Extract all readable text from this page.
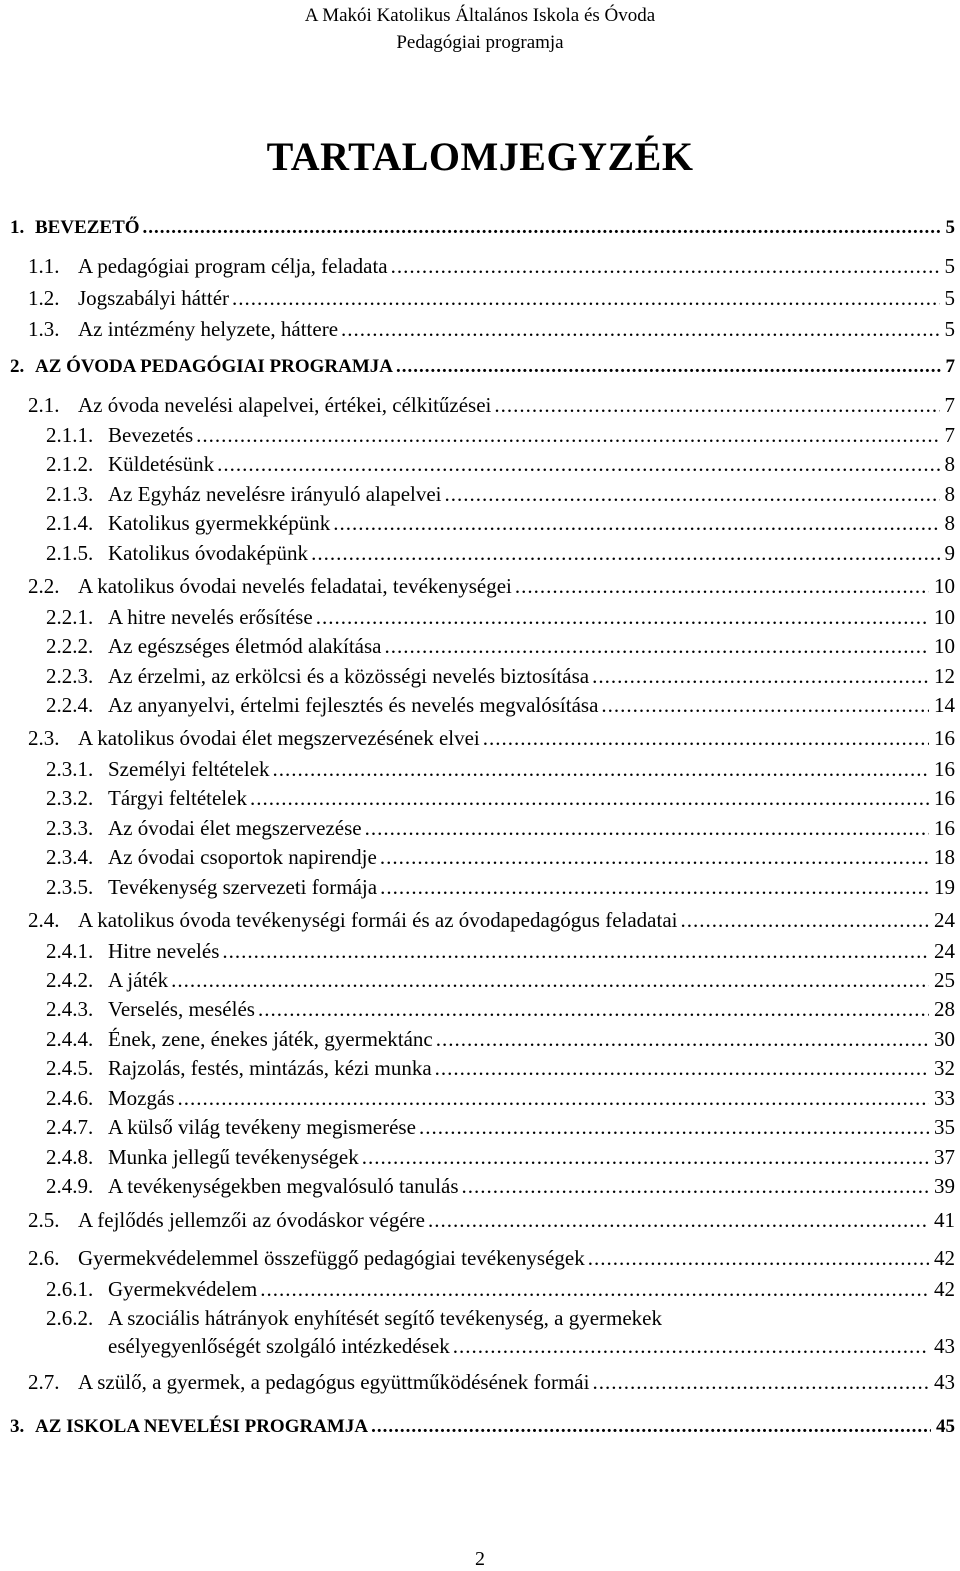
A Makói Katolikus Általános Iskola és Óvoda
Pedagógiai programja
TARTALOMJEGYZÉK
1. BEVEZETŐ .....	5
1.1. A pedagógiai program célja, feladata .....	5
1.2. Jogszabályi háttér .....	5
1.3. Az intézmény helyzete, háttere .....	5
2. AZ ÓVODA PEDAGÓGIAI PROGRAMJA .....	7
2.1. Az óvoda nevelési alapelvei, értékei, célkitűzései .....	7
2.1.1. Bevezetés .....	7
2.1.2. Küldetésünk .....	8
2.1.3. Az Egyház nevelésre irányuló alapelvei .....	8
2.1.4. Katolikus gyermekképünk .....	8
2.1.5. Katolikus óvodaképünk .....	9
2.2. A katolikus óvodai nevelés feladatai, tevékenységei .....	10
2.2.1. A hitre nevelés erősítése .....	10
2.2.2. Az egészséges életmód alakítása .....	10
2.2.3. Az érzelmi, az erkölcsi és a közösségi nevelés biztosítása .....	12
2.2.4. Az anyanyelvi, értelmi fejlesztés és nevelés megvalósítása .....	14
2.3. A katolikus óvodai élet megszervezésének elvei .....	16
2.3.1. Személyi feltételek .....	16
2.3.2. Tárgyi feltételek .....	16
2.3.3. Az óvodai élet megszervezése .....	16
2.3.4. Az óvodai csoportok napirendje .....	18
2.3.5. Tevékenység szervezeti formája .....	19
2.4. A katolikus óvoda tevékenységi formái és az óvodapedagógus feladatai .....	24
2.4.1. Hitre nevelés .....	24
2.4.2. A játék .....	25
2.4.3. Verselés, mesélés .....	28
2.4.4. Ének, zene, énekes játék, gyermektánc .....	30
2.4.5. Rajzolás, festés, mintázás, kézi munka .....	32
2.4.6. Mozgás .....	33
2.4.7. A külső világ tevékeny megismerése .....	35
2.4.8. Munka jellegű tevékenységek .....	37
2.4.9. A tevékenységekben megvalósuló tanulás .....	39
2.5. A fejlődés jellemzői az óvodáskor végére .....	41
2.6. Gyermekvédelemmel összefüggő pedagógiai tevékenységek .....	42
2.6.1. Gyermekvédelem .....	42
2.6.2. A szociális hátrányok enyhítését segítő tevékenység, a gyermekek
esélyegyenlőségét szolgáló intézkedések .....	43
2.7. A szülő, a gyermek, a pedagógus együttműködésének formái .....	43
3. AZ ISKOLA NEVELÉSI PROGRAMJA .....	45
2
